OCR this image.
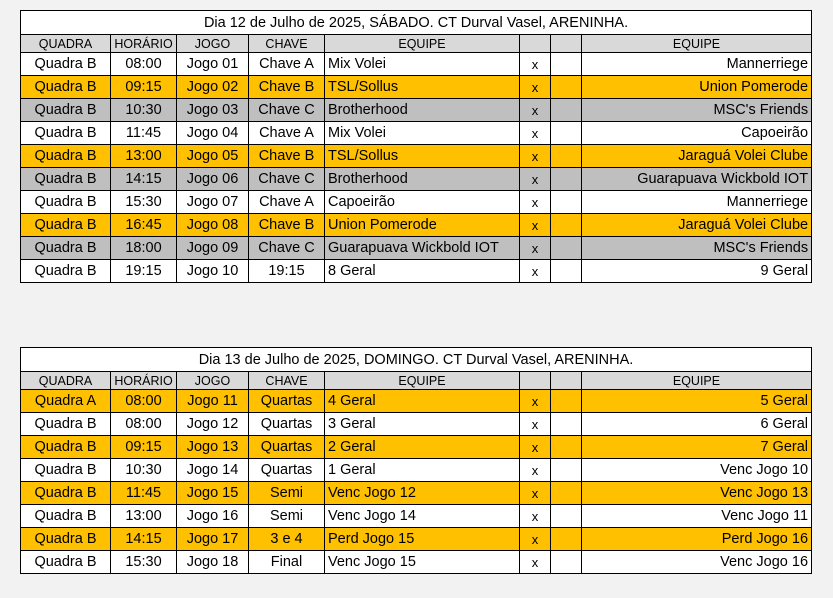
Dia 12 de Julho de 2025, SÁBADO. CT Durval Vasel, ARENINHA.							
QUADRA	HORÁRIO	JOGO	CHAVE	EQUIPE			EQUIPE
Quadra B	08:00	Jogo 01	Chave A	Mix Volei	x		Mannerriege
Quadra B	09:15	Jogo 02	Chave B	TSL/Sollus	x		Union Pomerode
Quadra B	10:30	Jogo 03	Chave C	Brotherhood	x		MSC's Friends
Quadra B	11:45	Jogo 04	Chave A	Mix Volei	x		Capoeirão
Quadra B	13:00	Jogo 05	Chave B	TSL/Sollus	x		Jaraguá Volei Clube
Quadra B	14:15	Jogo 06	Chave C	Brotherhood	x		Guarapuava Wickbold IOT
Quadra B	15:30	Jogo 07	Chave A	Capoeirão	x		Mannerriege
Quadra B	16:45	Jogo 08	Chave B	Union Pomerode	x		Jaraguá Volei Clube
Quadra B	18:00	Jogo 09	Chave C	Guarapuava Wickbold IOT	x		MSC's Friends
Quadra B	19:15	Jogo 10	19:15	8 Geral	x		9 Geral
Dia 13 de Julho de 2025, DOMINGO. CT Durval Vasel, ARENINHA.							
QUADRA	HORÁRIO	JOGO	CHAVE	EQUIPE			EQUIPE
Quadra A	08:00	Jogo 11	Quartas	4 Geral	x		5 Geral
Quadra B	08:00	Jogo 12	Quartas	3 Geral	x		6 Geral
Quadra B	09:15	Jogo 13	Quartas	2 Geral	x		7 Geral
Quadra B	10:30	Jogo 14	Quartas	1 Geral	x		Venc Jogo 10
Quadra B	11:45	Jogo 15	Semi	Venc Jogo 12	x		Venc Jogo 13
Quadra B	13:00	Jogo 16	Semi	Venc Jogo 14	x		Venc Jogo 11
Quadra B	14:15	Jogo 17	3 e 4	Perd Jogo 15	x		Perd Jogo 16
Quadra B	15:30	Jogo 18	Final	Venc Jogo 15	x		Venc Jogo 16
